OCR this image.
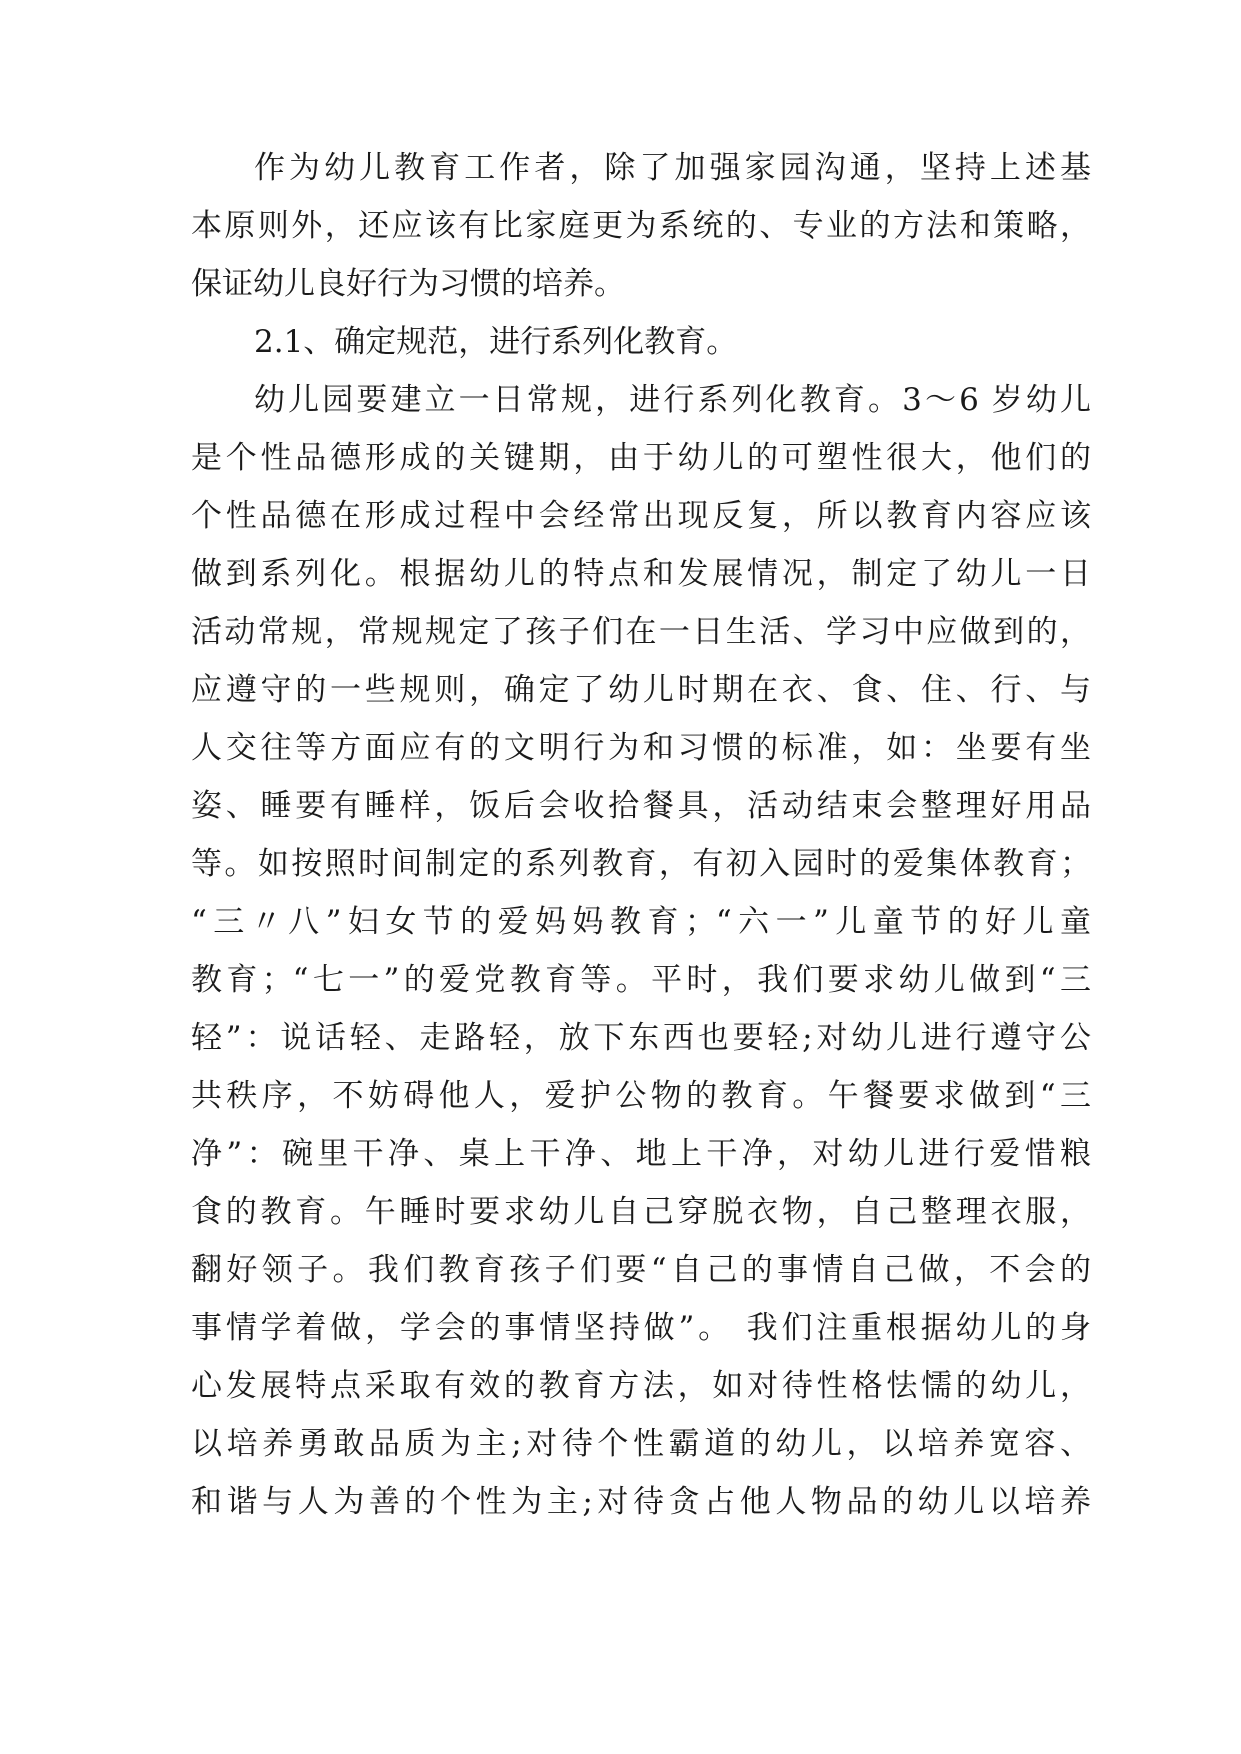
作为幼儿教育工作者，除了加强家园沟通，坚持上述基
本原则外，还应该有比家庭更为系统的、专业的方法和策略，
保证幼儿良好行为习惯的培养。
2.1、确定规范，进行系列化教育。
幼儿园要建立一日常规，进行系列化教育。3～6 岁幼儿
是个性品德形成的关键期，由于幼儿的可塑性很大，他们的
个性品德在形成过程中会经常出现反复，所以教育内容应该
做到系列化。根据幼儿的特点和发展情况，制定了幼儿一日
活动常规，常规规定了孩子们在一日生活、学习中应做到的，
应遵守的一些规则，确定了幼儿时期在衣、食、住、行、与
人交往等方面应有的文明行为和习惯的标准，如：坐要有坐
姿、睡要有睡样，饭后会收拾餐具，活动结束会整理好用品
等。如按照时间制定的系列教育，有初入园时的爱集体教育；
“三〃八”妇女节的爱妈妈教育；“六一”儿童节的好儿童
教育；“七一”的爱党教育等。平时，我们要求幼儿做到“三
轻”：说话轻、走路轻，放下东西也要轻;对幼儿进行遵守公
共秩序，不妨碍他人，爱护公物的教育。午餐要求做到“三
净”：碗里干净、桌上干净、地上干净，对幼儿进行爱惜粮
食的教育。午睡时要求幼儿自己穿脱衣物，自己整理衣服，
翻好领子。我们教育孩子们要“自己的事情自己做，不会的
事情学着做，学会的事情坚持做”。 我们注重根据幼儿的身
心发展特点采取有效的教育方法，如对待性格怯懦的幼儿，
以培养勇敢品质为主;对待个性霸道的幼儿，以培养宽容、
和谐与人为善的个性为主;对待贪占他人物品的幼儿以培养
